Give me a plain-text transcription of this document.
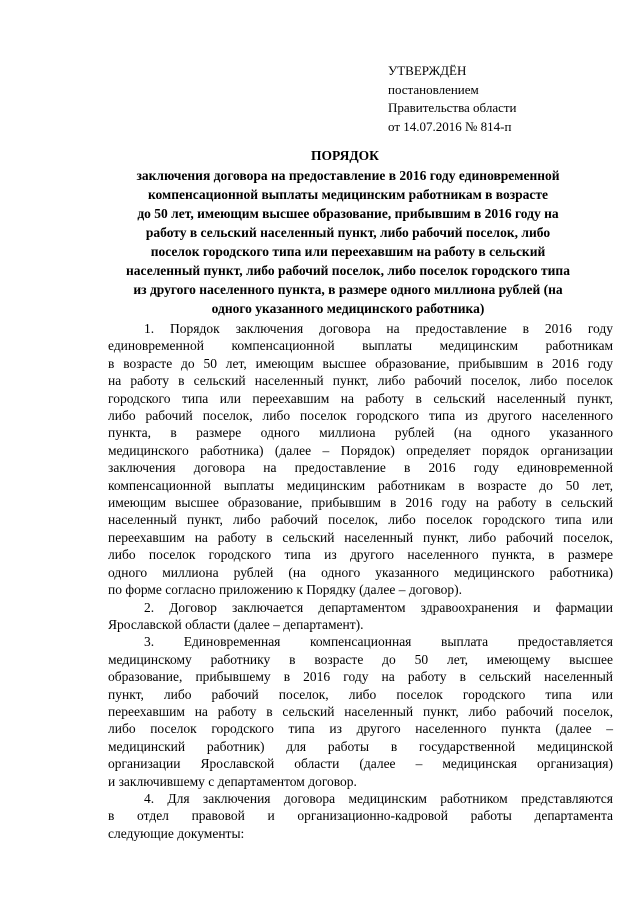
УТВЕРЖДЁН
постановлением
Правительства области
от 14.07.2016 № 814-п
ПОРЯДОК
заключения договора на предоставление в 2016 году единовременной
компенсационной выплаты медицинским работникам в возрасте
до 50 лет, имеющим высшее образование, прибывшим в 2016 году на
работу в сельский населенный пункт, либо рабочий поселок, либо
поселок городского типа или переехавшим на работу в сельский
населенный пункт, либо рабочий поселок, либо поселок городского типа
из другого населенного пункта, в размере одного миллиона рублей (на
одного указанного медицинского работника)
1. Порядок заключения договора на предоставление в 2016 году
единовременной компенсационной выплаты медицинским работникам
в возрасте до 50 лет, имеющим высшее образование, прибывшим в 2016 году
на работу в сельский населенный пункт, либо рабочий поселок, либо поселок
городского типа или переехавшим на работу в сельский населенный пункт,
либо рабочий поселок, либо поселок городского типа из другого населенного
пункта, в размере одного миллиона рублей (на одного указанного
медицинского работника) (далее – Порядок) определяет порядок организации
заключения договора на предоставление в 2016 году единовременной
компенсационной выплаты медицинским работникам в возрасте до 50 лет,
имеющим высшее образование, прибывшим в 2016 году на работу в сельский
населенный пункт, либо рабочий поселок, либо поселок городского типа или
переехавшим на работу в сельский населенный пункт, либо рабочий поселок,
либо поселок городского типа из другого населенного пункта, в размере
одного миллиона рублей (на одного указанного медицинского работника)
по форме согласно приложению к Порядку (далее – договор).
2. Договор заключается департаментом здравоохранения и фармации
Ярославской области (далее – департамент).
3. Единовременная компенсационная выплата предоставляется
медицинскому работнику в возрасте до 50 лет, имеющему высшее
образование, прибывшему в 2016 году на работу в сельский населенный
пункт, либо рабочий поселок, либо поселок городского типа или
переехавшим на работу в сельский населенный пункт, либо рабочий поселок,
либо поселок городского типа из другого населенного пункта (далее –
медицинский работник) для работы в государственной медицинской
организации Ярославской области (далее – медицинская организация)
и заключившему с департаментом договор.
4. Для заключения договора медицинским работником представляются
в отдел правовой и организационно-кадровой работы департамента
следующие документы:
